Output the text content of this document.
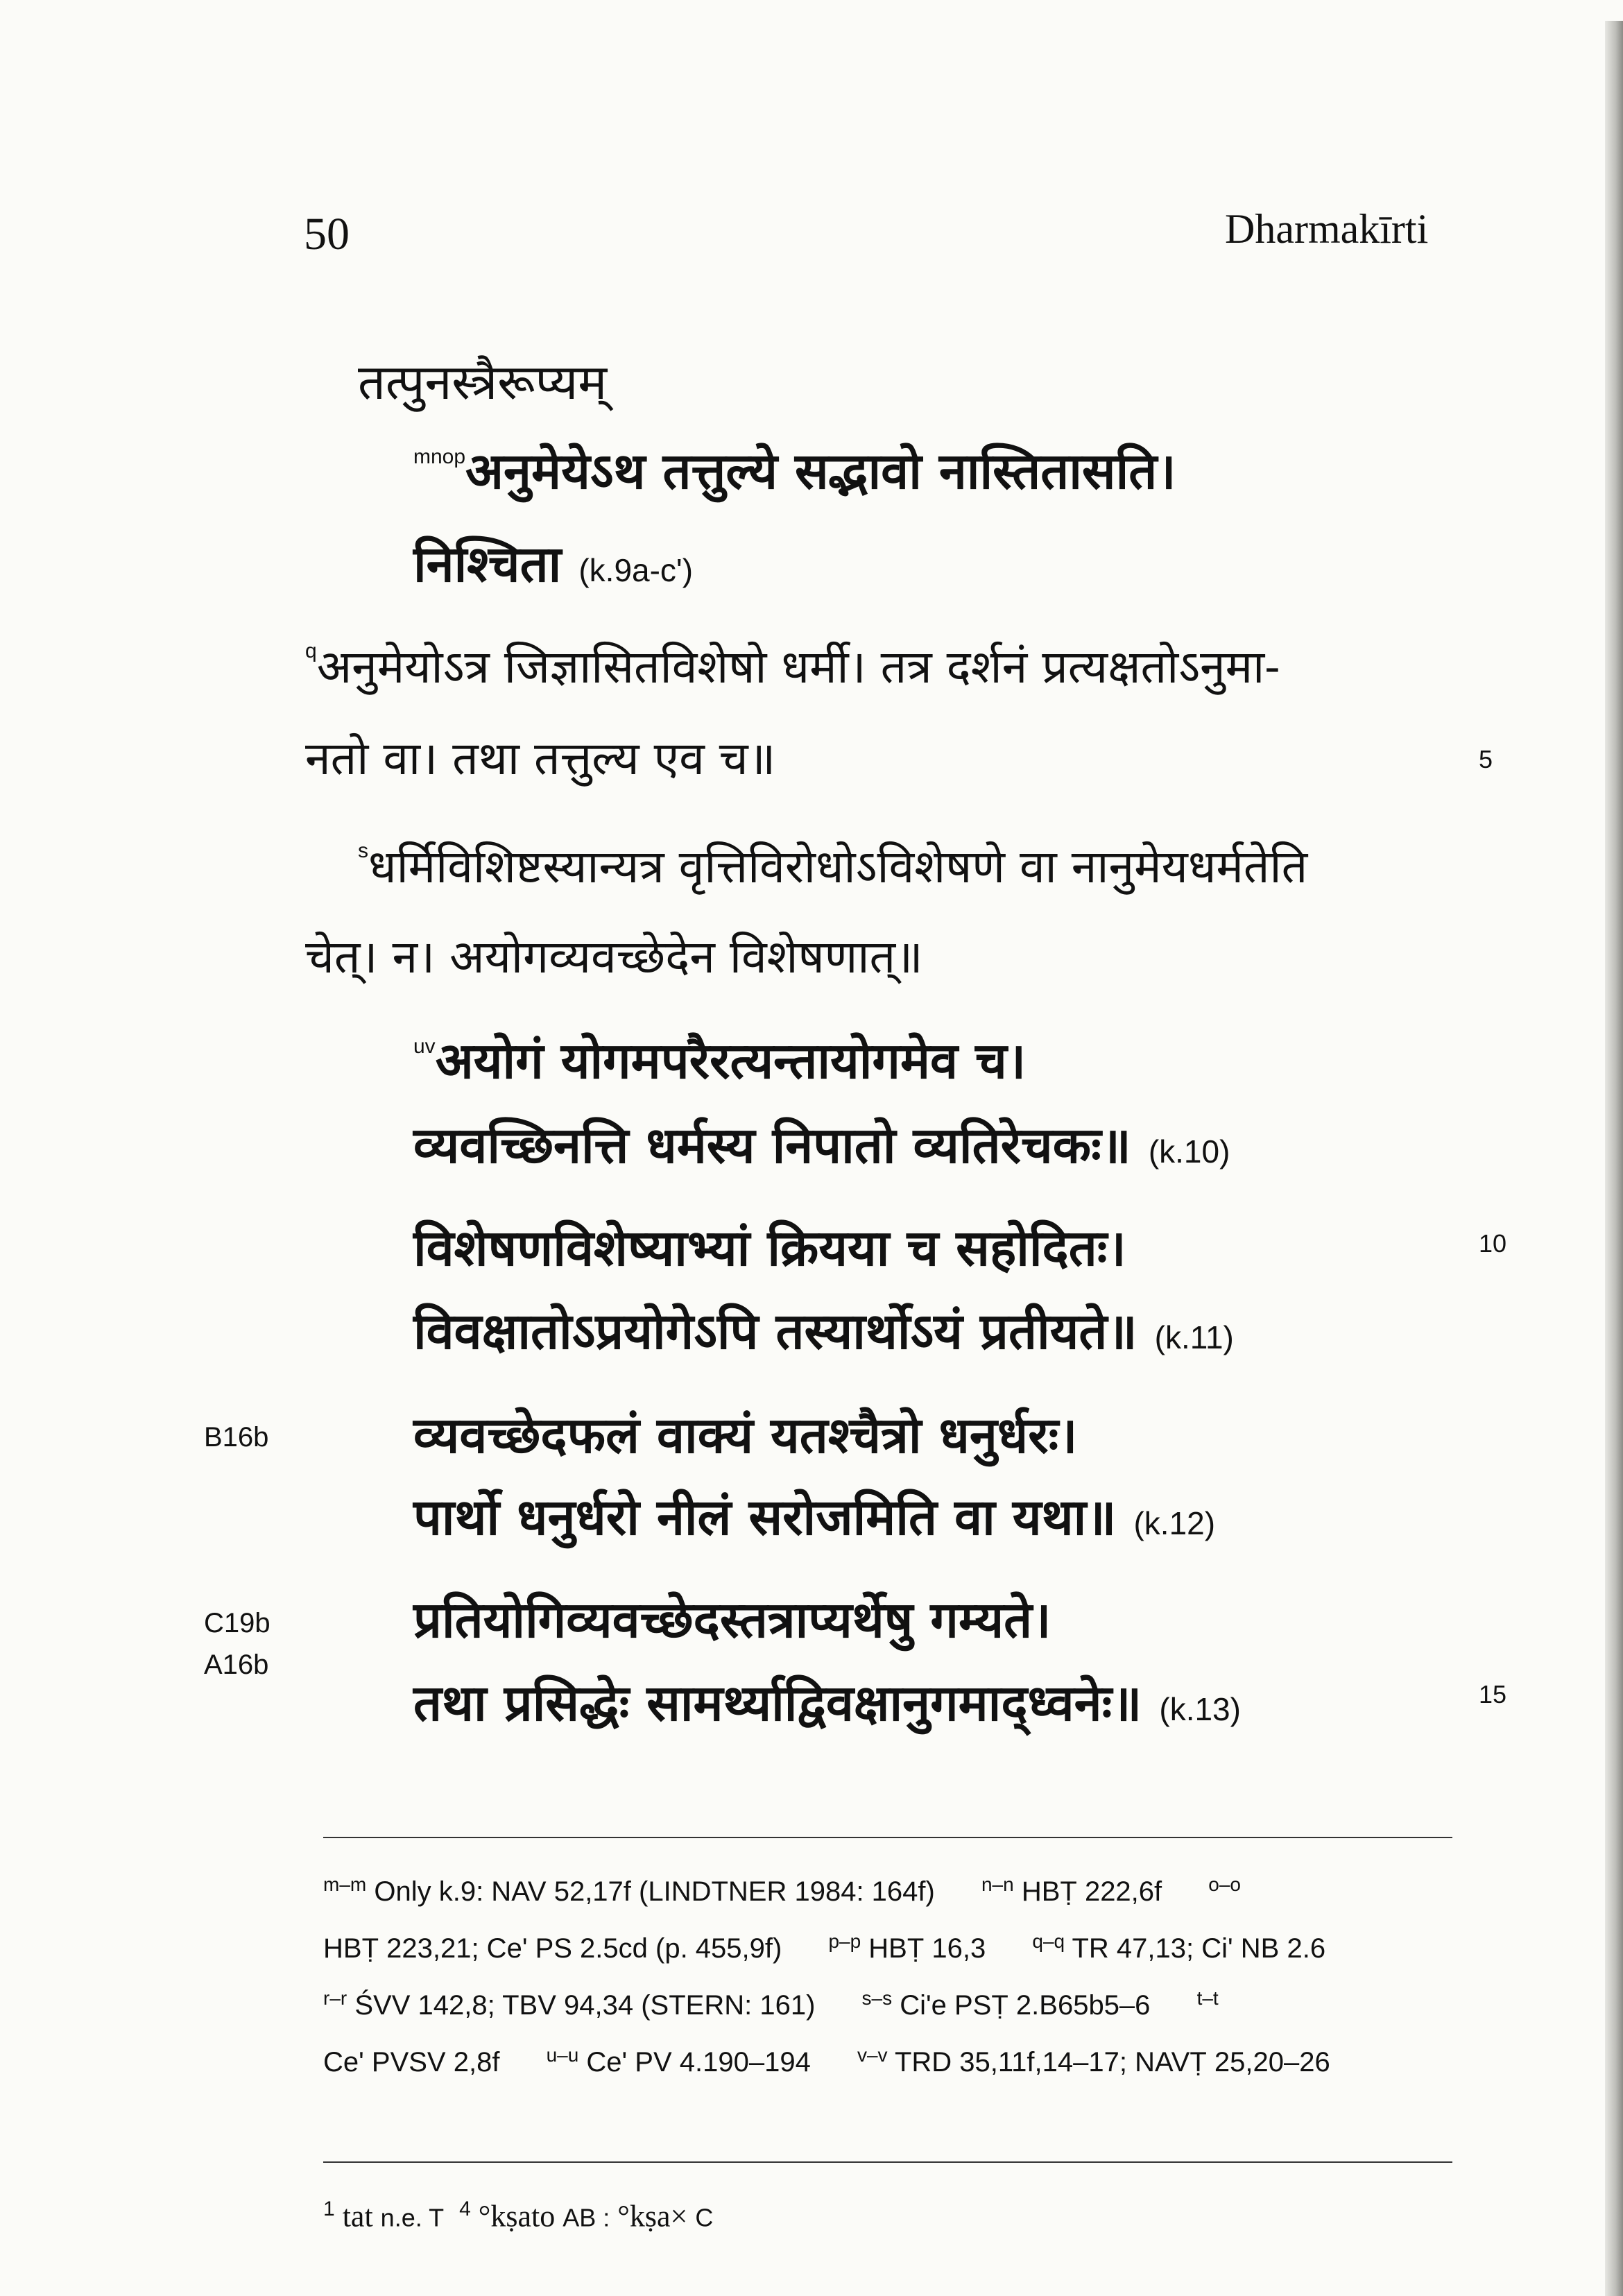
50	Dharmakīrti
तत्पुनस्त्रैरूप्यम्
$^{mnop}$अनुमेयेऽथ तत्तुल्ये सद्भावो नास्तितासति।
निश्चिता (k.9a-c')
$^q$अनुमेयोऽत्र जिज्ञासितविशेषो धर्मी। तत्र दर्शनं प्रत्यक्षतोऽनुमा-
नतो वा। तथा तत्तुल्य एव च॥	5
$^s$धर्मिविशिष्टस्यान्यत्र वृत्तिविरोधोऽविशेषणे वा नानुमेयधर्मतेति
चेत्। न। अयोगव्यवच्छेदेन विशेषणात्॥
$^{uv}$अयोगं योगमपरैरत्यन्तायोगमेव च।
व्यवच्छिनत्ति धर्मस्य निपातो व्यतिरेचकः॥ (k.10)
विशेषणविशेष्याभ्यां क्रियया च सहोदितः।	10
विवक्षातोऽप्रयोगेऽपि तस्यार्थोऽयं प्रतीयते॥ (k.11)
B16b	व्यवच्छेदफलं वाक्यं यतश्चैत्रो धनुर्धरः।
पार्थो धनुर्धरो नीलं सरोजमिति वा यथा॥ (k.12)
C19b
A16b
प्रतियोगिव्यवच्छेदस्तत्राप्यर्थेषु गम्यते।
तथा प्रसिद्धेः सामर्थ्याद्विवक्षानुगमाद्ध्वनेः॥ (k.13)	15
$^{m-m}$ Only k.9: NAV 52,17f (LINDTNER 1984: 164f) $^{n-n}$ HBṬ 222,6f $^{o-o}$
HBṬ 223,21; Ce' PS 2.5cd (p. 455,9f) $^{p-p}$ HBṬ 16,3 $^{q-q}$ TR 47,13; Ci' NB 2.6
$^{r-r}$ ŚVV 142,8; TBV 94,34 (STERN: 161) $^{s-s}$ Ci'e PSṬ 2.B65b5–6 $^{t-t}$
Ce' PVSV 2,8f $^{u-u}$ Ce' PV 4.190–194 $^{v-v}$ TRD 35,11f,14–17; NAVṬ 25,20–26
$^1$ tat n.e. T $^4$ °kṣato AB : °kṣa× C
